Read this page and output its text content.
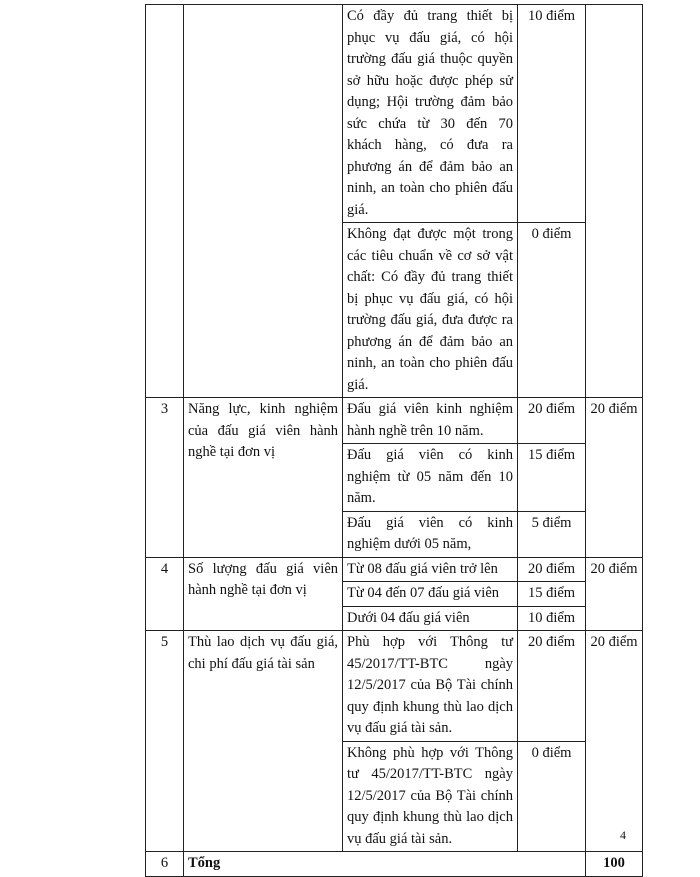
		Có đầy đủ trang thiết bị phục vụ đấu giá, có hội trường đấu giá thuộc quyền sở hữu hoặc được phép sử dụng; Hội trường đảm bảo sức chứa từ 30 đến 70 khách hàng, có đưa ra phương án để đảm bảo an ninh, an toàn cho phiên đấu giá.	10 điểm	
		Không đạt được một trong các tiêu chuẩn về cơ sở vật chất: Có đầy đủ trang thiết bị phục vụ đấu giá, có hội trường đấu giá, đưa được ra phương án để đảm bảo an ninh, an toàn cho phiên đấu giá.	0 điểm	
3	Năng lực, kinh nghiệm của đấu giá viên hành nghề tại đơn vị	Đấu giá viên kinh nghiệm hành nghề trên 10 năm.	20 điểm	20 điểm
		Đấu giá viên có kinh nghiệm từ 05 năm đến 10 năm.	15 điểm	
		Đấu giá viên có kinh nghiệm dưới 05 năm,	5 điểm	
4	Số lượng đấu giá viên hành nghề tại đơn vị	Từ 08 đấu giá viên trở lên	20 điểm	20 điểm
		Từ 04 đến 07 đấu giá viên	15 điểm	
		Dưới 04 đấu giá viên	10 điểm	
5	Thù lao dịch vụ đấu giá, chi phí đấu giá tài sản	Phù hợp với Thông tư 45/2017/TT-BTC ngày 12/5/2017 của Bộ Tài chính quy định khung thù lao dịch vụ đấu giá tài sản.	20 điểm	20 điểm
		Không phù hợp với Thông tư 45/2017/TT-BTC ngày 12/5/2017 của Bộ Tài chính quy định khung thù lao dịch vụ đấu giá tài sản.	0 điểm	
6	Tổng			100
4
